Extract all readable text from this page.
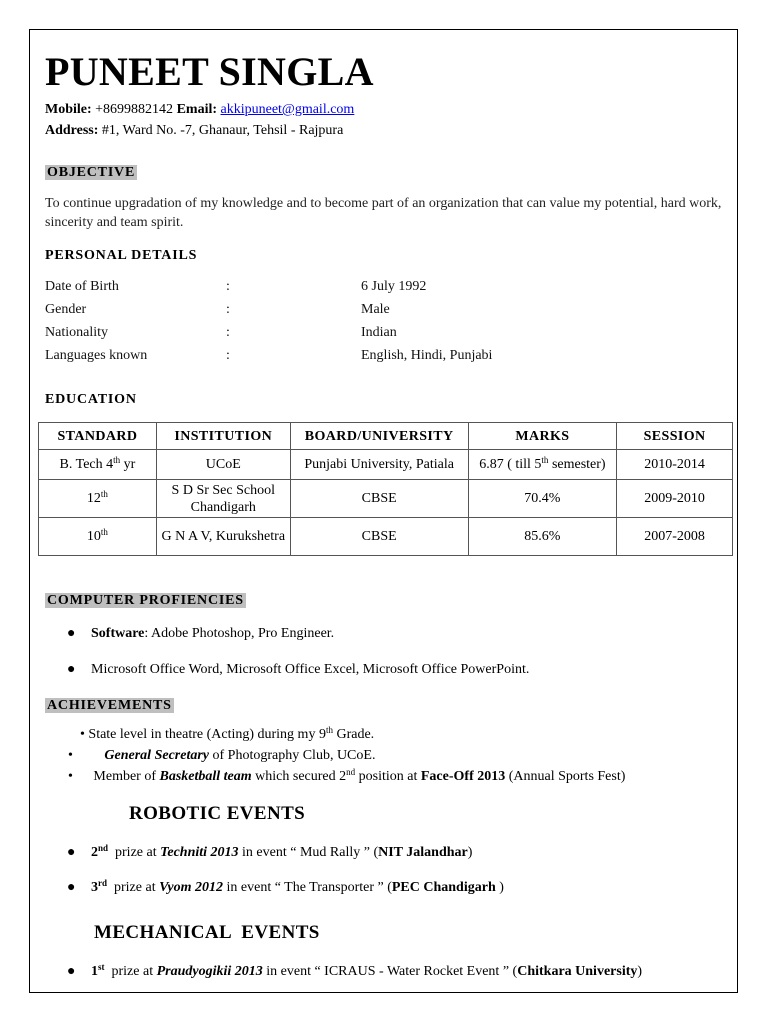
PUNEET SINGLA
Mobile: +8699882142 Email: akkipuneet@gmail.com
Address: #1, Ward No. -7, Ghanaur, Tehsil - Rajpura
OBJECTIVE
To continue upgradation of my knowledge and to become part of an organization that can value my potential, hard work, sincerity and team spirit.
PERSONAL DETAILS
Date of Birth	:	6 July 1992
Gender	:	Male
Nationality	:	Indian
Languages known	:	English, Hindi, Punjabi
EDUCATION
STANDARD	INSTITUTION	BOARD/UNIVERSITY	MARKS	SESSION
B. Tech 4th yr	UCoE	Punjabi University, Patiala	6.87 ( till 5th semester)	2010-2014
12th	S D Sr Sec School Chandigarh	CBSE	70.4%	2009-2010
10th	G N A V, Kurukshetra	CBSE	85.6%	2007-2008
COMPUTER PROFIENCIES
● Software: Adobe Photoshop, Pro Engineer.
● Microsoft Office Word, Microsoft Office Excel, Microsoft Office PowerPoint.
ACHIEVEMENTS
• State level in theatre (Acting) during my 9th Grade.
• General Secretary of Photography Club, UCoE.
• Member of Basketball team which secured 2nd position at Face-Off 2013 (Annual Sports Fest)
ROBOTIC EVENTS
● 2nd  prize at Techniti 2013 in event “ Mud Rally ” (NIT Jalandhar)
● 3rd  prize at Vyom 2012 in event “ The Transporter ” (PEC Chandigarh )
MECHANICAL  EVENTS
● 1st  prize at Praudyogikii 2013 in event “ ICRAUS - Water Rocket Event ” (Chitkara University)
